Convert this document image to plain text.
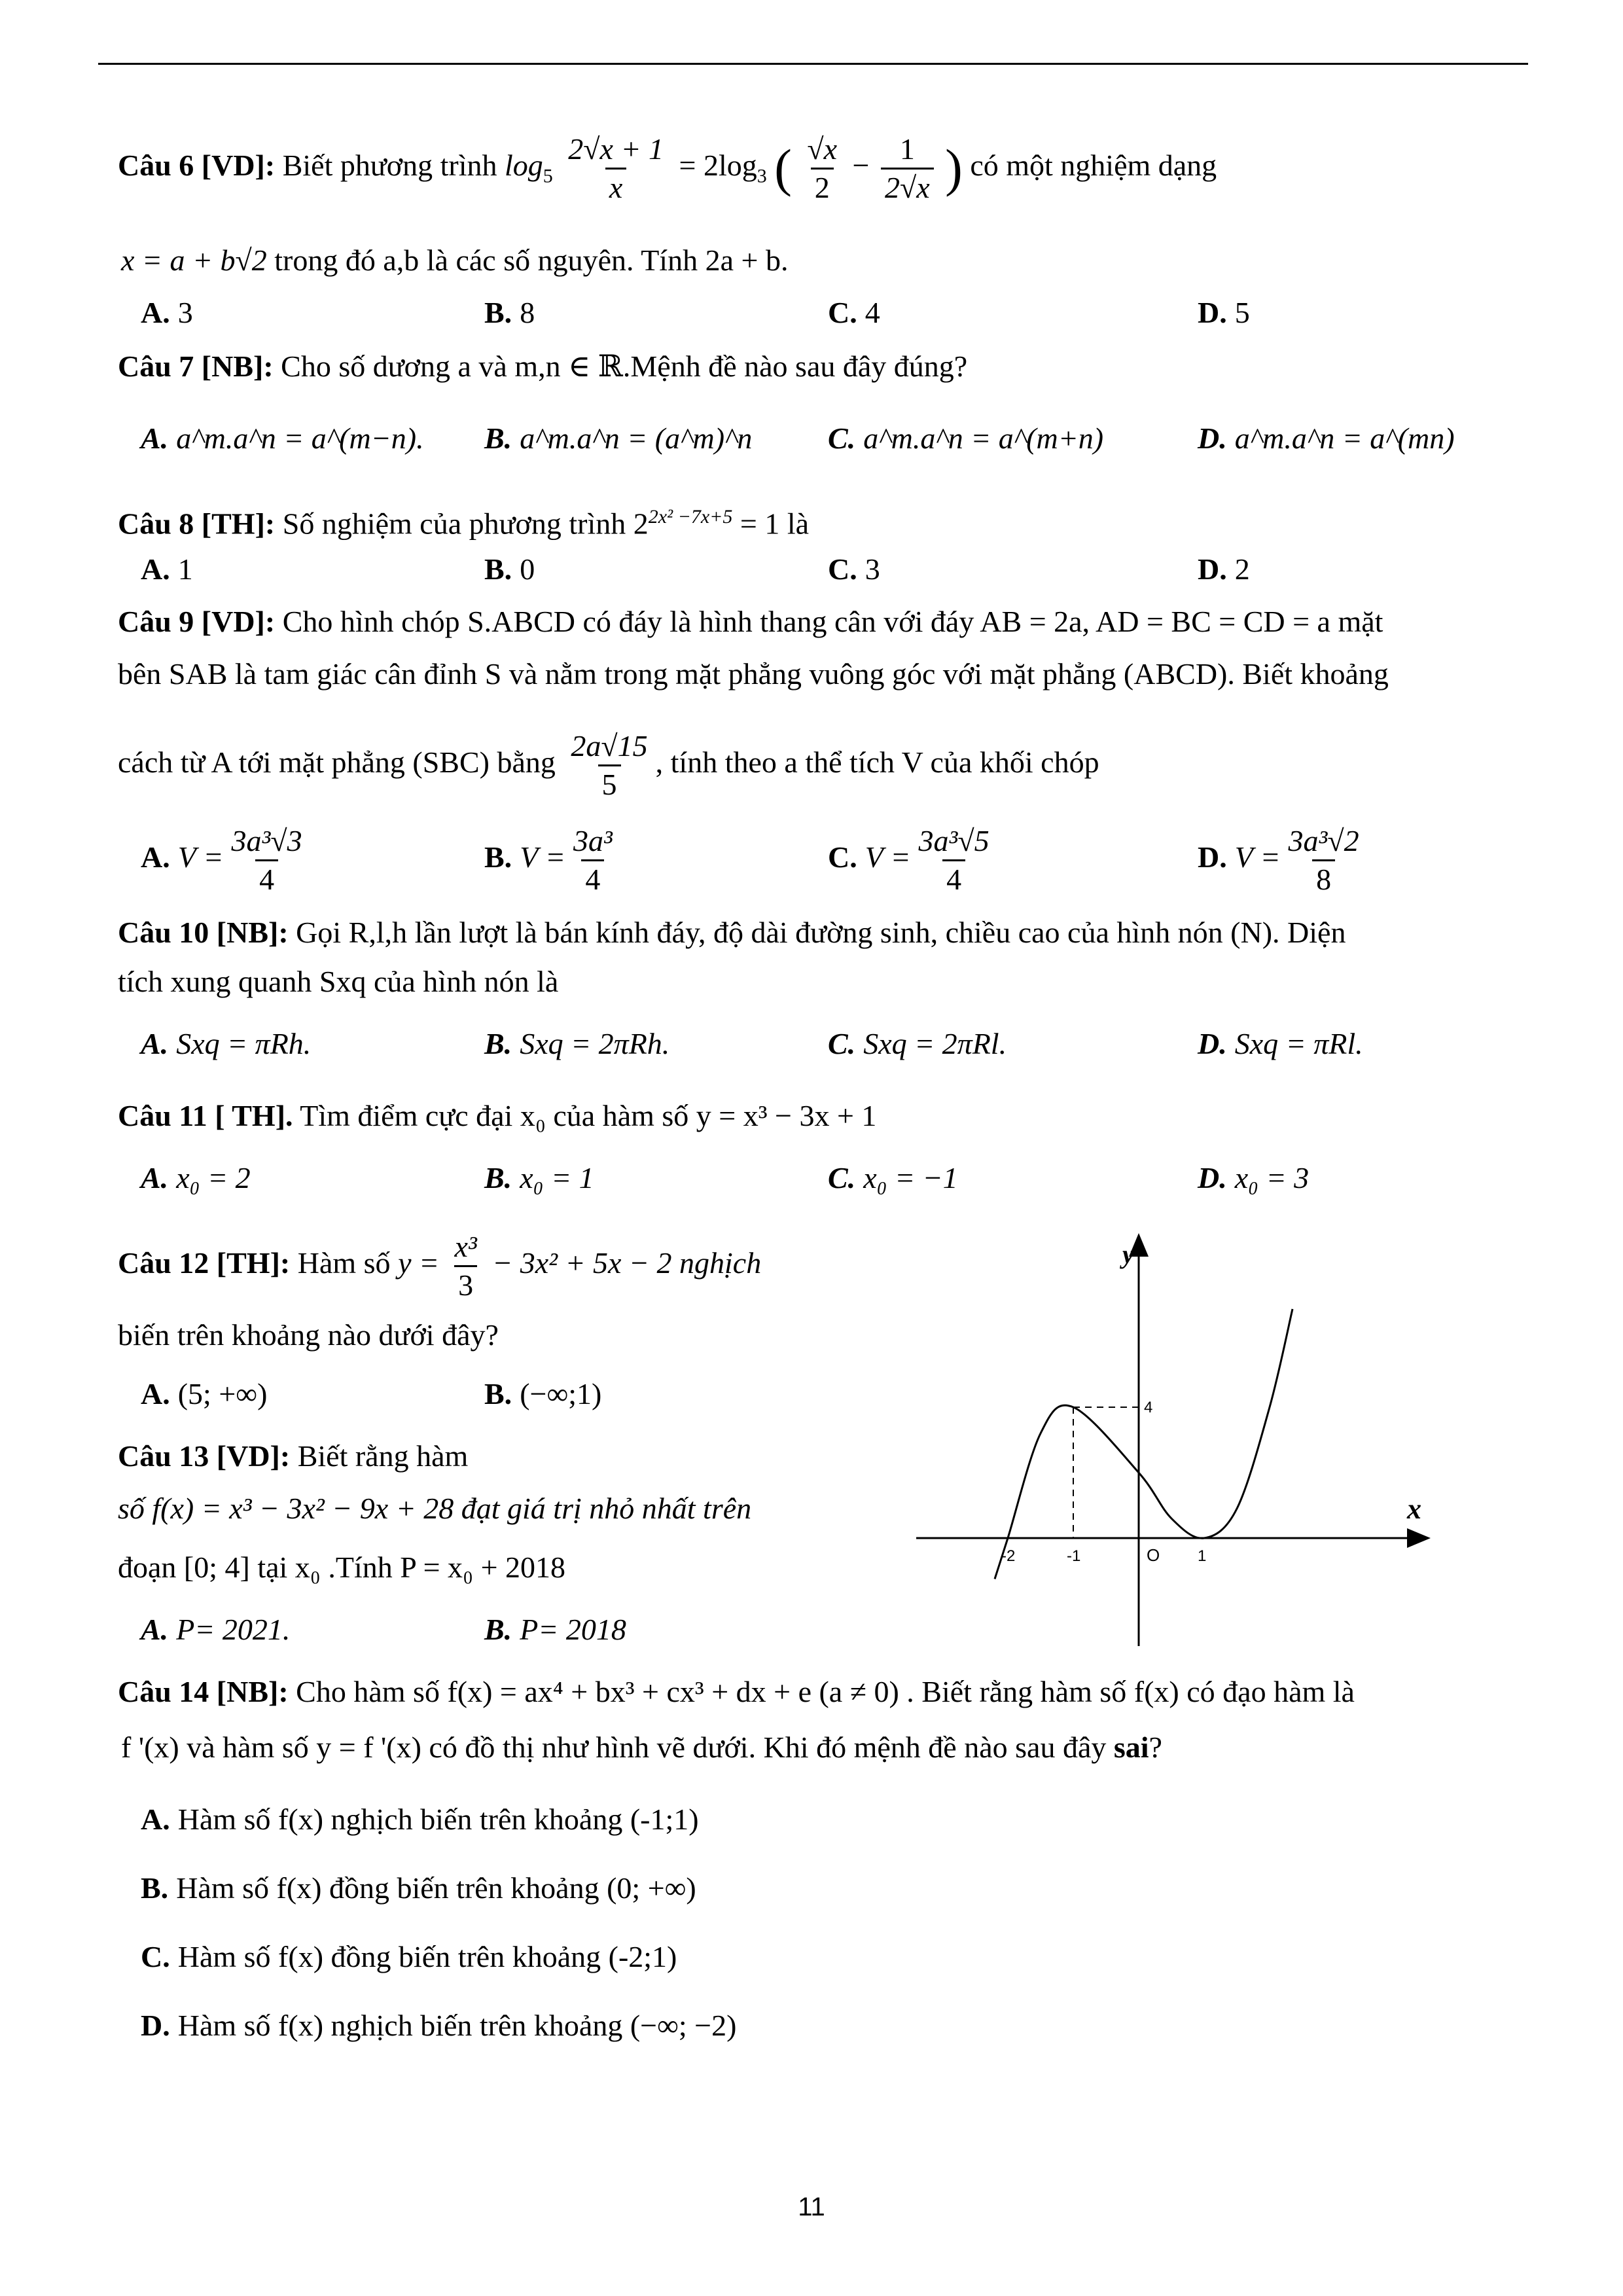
Câu 6 [VD]: Biết phương trình $\log_5 \frac{2√x + 1}{x} = 2\log_3$ ( $\frac{√x}{2} - \frac{1}{2√x}$ ) có một nghiệm dạng
x = a + b√2 trong đó a,b là các số nguyên. Tính 2a + b.
A. 3	B. 8	C. 4	D. 5
Câu 7 [NB]: Cho số dương a và m,n ∈ ℝ.Mệnh đề nào sau đây đúng?
A. a^m.a^n = a^(m−n). B. a^m.a^n = (a^m)^n	C. a^m.a^n = a^(m+n)	D. a^m.a^n = a^(mn)
Câu 8 [TH]: Số nghiệm của phương trình $2^{2x^2 -7x+5} = 1$ là
A. 1	B. 0	C. 3	D. 2
Câu 9 [VD]: Cho hình chóp S.ABCD có đáy là hình thang cân với đáy AB = 2a, AD = BC = CD = a mặt
bên SAB là tam giác cân đỉnh S và nằm trong mặt phẳng vuông góc với mặt phẳng (ABCD). Biết khoảng
cách từ A tới mặt phẳng (SBC) bằng $\frac{2a√15}{5}$ , tính theo a thể tích V của khối chóp
A. $V = \frac{\text{3a³√3}}{4}$	B. $V = \frac{\text{3a³}}{4}$	C. $V = \frac{\text{3a³√5}}{4}$	D. $V = \frac{\text{3a³√2}}{8}$
Câu 10 [NB]: Gọi R,l,h lần lượt là bán kính đáy, độ dài đường sinh, chiều cao của hình nón (N). Diện
tích xung quanh Sxq của hình nón là
A. Sxq = πRh.	B. Sxq = 2πRh.	C. Sxq = 2πRl.	D. Sxq = πRl.
Câu 11 [ TH]. Tìm điểm cực đại x₀ của hàm số y = x³ − 3x + 1
A. x₀ = 2	B. x₀ = 1	C. x₀ = −1	D. x₀ = 3
Câu 12 [TH]: Hàm số $y = \frac{\text{x³}}{3} - 3x^2 + 5x - 2$ nghịch
biến trên khoảng nào dưới đây?
A. (5; +∞)	B. (−∞;1)
Câu 13 [VD]: Biết rằng hàm
số f(x) = x³ − 3x² − 9x + 28 đạt giá trị nhỏ nhất trên
đoạn [0; 4] tại x₀ .Tính P = x₀ + 2018
A. P= 2021.	B. P= 2018
y
x
O
-2	-1	1
4
Câu 14 [NB]: Cho hàm số f(x) = ax⁴ + bx³ + cx³ + dx + e (a ≠ 0) . Biết rằng hàm số f(x) có đạo hàm là
f '(x) và hàm số y = f '(x) có đồ thị như hình vẽ dưới. Khi đó mệnh đề nào sau đây sai?
A. Hàm số f(x) nghịch biến trên khoảng (-1;1)
B. Hàm số f(x) đồng biến trên khoảng (0; +∞)
C. Hàm số f(x) đồng biến trên khoảng (-2;1)
D. Hàm số f(x) nghịch biến trên khoảng (−∞; −2)
11
